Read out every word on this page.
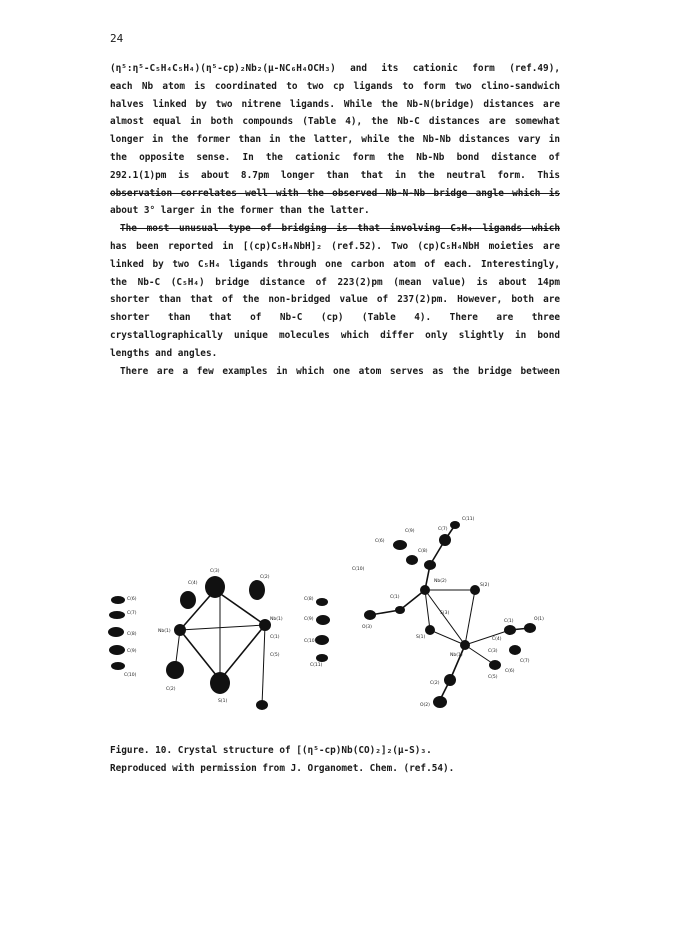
24
(η⁵:η⁵-C₅H₄C₅H₄)(η⁵-cp)₂Nb₂(μ-NC₆H₄OCH₃) and its cationic form (ref.49),
each Nb atom is coordinated to two cp ligands to form two clino-sandwich
halves linked by two nitrene ligands. While the Nb-N(bridge) distances are
almost equal in both compounds (Table 4), the Nb-C distances are somewhat
longer in the former than in the latter, while the Nb-Nb distances vary in
the opposite sense. In the cationic form the Nb-Nb bond distance of
292.1(1)pm is about 8.7pm longer than that in the neutral form. This
observation correlates well with the observed Nb-N-Nb bridge angle which is
about 3° larger in the former than the latter.
The most unusual type of bridging is that involving C₅H₄ ligands which
has been reported in [(cp)C₅H₄NbH]₂ (ref.52). Two (cp)C₅H₄NbH moieties are
linked by two C₅H₄ ligands through one carbon atom of each. Interestingly,
the Nb-C (C₅H₄) bridge distance of 223(2)pm (mean value) is about 14pm
shorter than that of the non-bridged value of 237(2)pm. However, both are
shorter than that of Nb-C (cp) (Table 4). There are three
crystallographically unique molecules which differ only slightly in bond
lengths and angles.
There are a few examples in which one atom serves as the bridge between
C(3)
C(4)
C(2)
C(6)
C(7)
C(8)
C(9)
C(10)
Nb(1)
Nb(1)
C(1)
C(5)
C(2)
S(1)
C(8)
C(9)
C(10)
C(11)
C(6)
C(9)
C(10)
C(8)
C(7)
C(11)
Nb(2)
S(2)
C(1)
O(3)
S(1)
S(3)
Nb(1)
C(1)	O(1)
C(2)
O(2)
C(4)
C(3)
C(5)
C(6)
C(7)
Figure. 10. Crystal structure of [(η⁵-cp)Nb(CO)₂]₂(μ-S)₃.
Reproduced with permission from J. Organomet. Chem. (ref.54).
